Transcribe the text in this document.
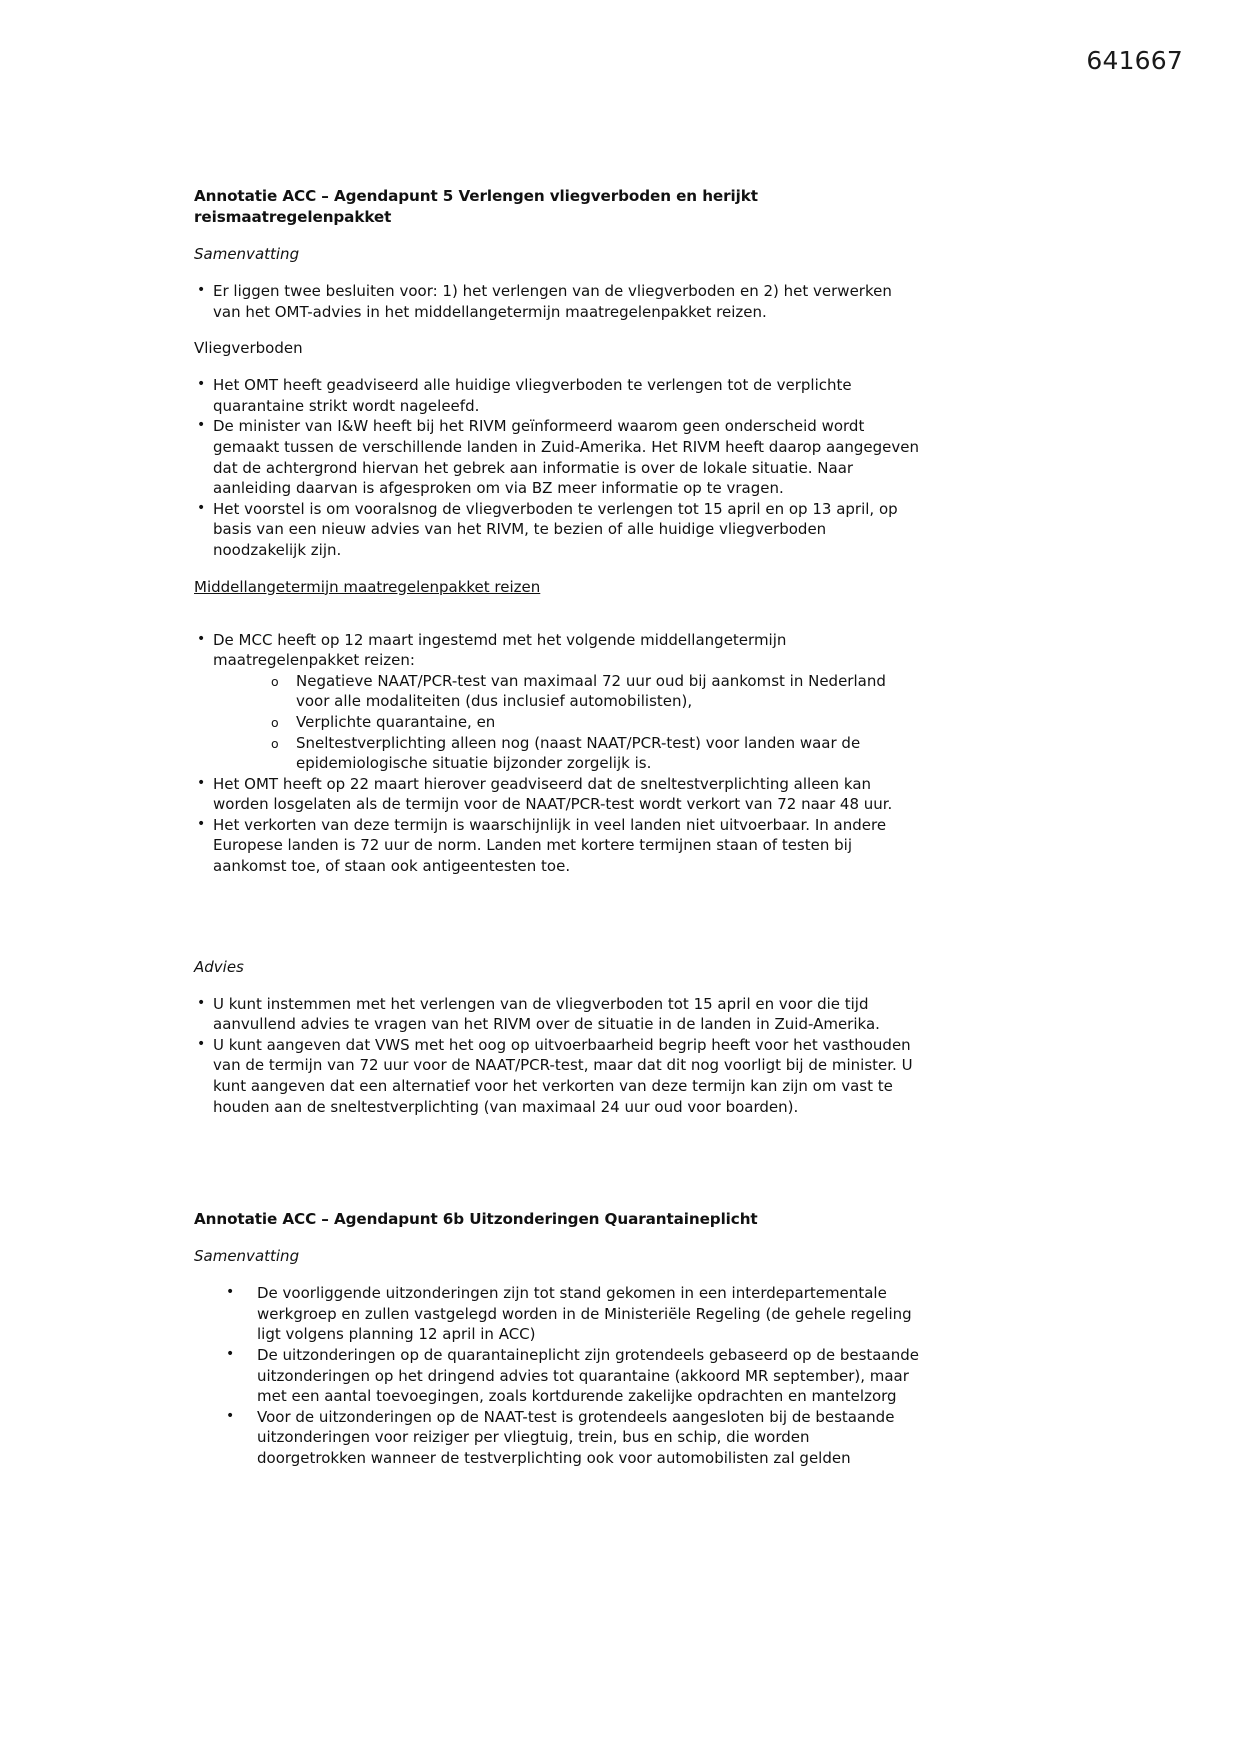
641667
Annotatie ACC – Agendapunt 5 Verlengen vliegverboden en herijkt reismaatregelenpakket
Samenvatting
• Er liggen twee besluiten voor: 1) het verlengen van de vliegverboden en 2) het verwerken van het OMT-advies in het middellangetermijn maatregelenpakket reizen.
Vliegverboden
• Het OMT heeft geadviseerd alle huidige vliegverboden te verlengen tot de verplichte quarantaine strikt wordt nageleefd.
• De minister van I&W heeft bij het RIVM geïnformeerd waarom geen onderscheid wordt gemaakt tussen de verschillende landen in Zuid-Amerika. Het RIVM heeft daarop aangegeven dat de achtergrond hiervan het gebrek aan informatie is over de lokale situatie. Naar aanleiding daarvan is afgesproken om via BZ meer informatie op te vragen.
• Het voorstel is om vooralsnog de vliegverboden te verlengen tot 15 april en op 13 april, op basis van een nieuw advies van het RIVM, te bezien of alle huidige vliegverboden noodzakelijk zijn.
Middellangetermijn maatregelenpakket reizen
• De MCC heeft op 12 maart ingestemd met het volgende middellangetermijn maatregelenpakket reizen:
o Negatieve NAAT/PCR-test van maximaal 72 uur oud bij aankomst in Nederland voor alle modaliteiten (dus inclusief automobilisten),
o Verplichte quarantaine, en
o Sneltestverplichting alleen nog (naast NAAT/PCR-test) voor landen waar de epidemiologische situatie bijzonder zorgelijk is.
• Het OMT heeft op 22 maart hierover geadviseerd dat de sneltestverplichting alleen kan worden losgelaten als de termijn voor de NAAT/PCR-test wordt verkort van 72 naar 48 uur.
• Het verkorten van deze termijn is waarschijnlijk in veel landen niet uitvoerbaar. In andere Europese landen is 72 uur de norm. Landen met kortere termijnen staan of testen bij aankomst toe, of staan ook antigeentesten toe.
Advies
• U kunt instemmen met het verlengen van de vliegverboden tot 15 april en voor die tijd aanvullend advies te vragen van het RIVM over de situatie in de landen in Zuid-Amerika.
• U kunt aangeven dat VWS met het oog op uitvoerbaarheid begrip heeft voor het vasthouden van de termijn van 72 uur voor de NAAT/PCR-test, maar dat dit nog voorligt bij de minister. U kunt aangeven dat een alternatief voor het verkorten van deze termijn kan zijn om vast te houden aan de sneltestverplichting (van maximaal 24 uur oud voor boarden).
Annotatie ACC – Agendapunt 6b Uitzonderingen Quarantaineplicht
Samenvatting
• De voorliggende uitzonderingen zijn tot stand gekomen in een interdepartementale werkgroep en zullen vastgelegd worden in de Ministeriële Regeling (de gehele regeling ligt volgens planning 12 april in ACC)
• De uitzonderingen op de quarantaineplicht zijn grotendeels gebaseerd op de bestaande uitzonderingen op het dringend advies tot quarantaine (akkoord MR september), maar met een aantal toevoegingen, zoals kortdurende zakelijke opdrachten en mantelzorg
• Voor de uitzonderingen op de NAAT-test is grotendeels aangesloten bij de bestaande uitzonderingen voor reiziger per vliegtuig, trein, bus en schip, die worden doorgetrokken wanneer de testverplichting ook voor automobilisten zal gelden
